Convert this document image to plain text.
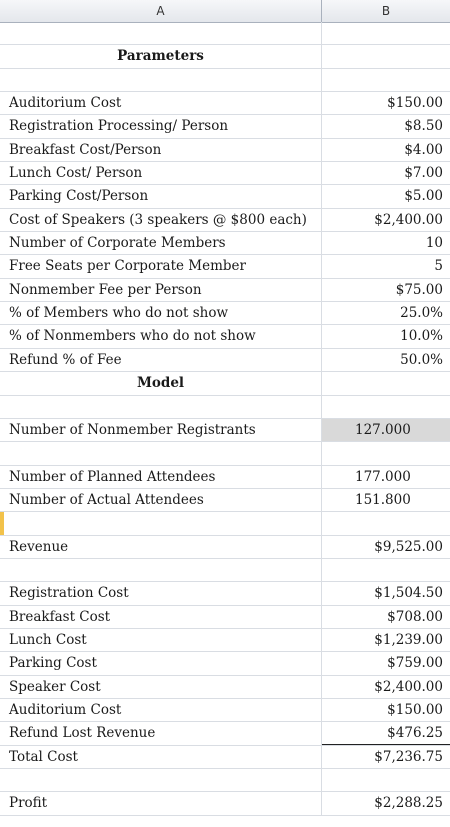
A	B
Parameters
Auditorium Cost	$150.00
Registration Processing/ Person	$8.50
Breakfast Cost/Person	$4.00
Lunch Cost/ Person	$7.00
Parking Cost/Person	$5.00
Cost of Speakers (3 speakers @ $800 each)	$2,400.00
Number of Corporate Members	10
Free Seats per Corporate Member	5
Nonmember Fee per Person	$75.00
% of Members who do not show	25.0%
% of Nonmembers who do not show	10.0%
Refund % of Fee	50.0%
Model
Number of Nonmember Registrants	127.000
Number of Planned Attendees	177.000
Number of Actual Attendees	151.800
Revenue	$9,525.00
Registration Cost	$1,504.50
Breakfast Cost	$708.00
Lunch Cost	$1,239.00
Parking Cost	$759.00
Speaker Cost	$2,400.00
Auditorium Cost	$150.00
Refund Lost Revenue	$476.25
Total Cost	$7,236.75
Profit	$2,288.25
